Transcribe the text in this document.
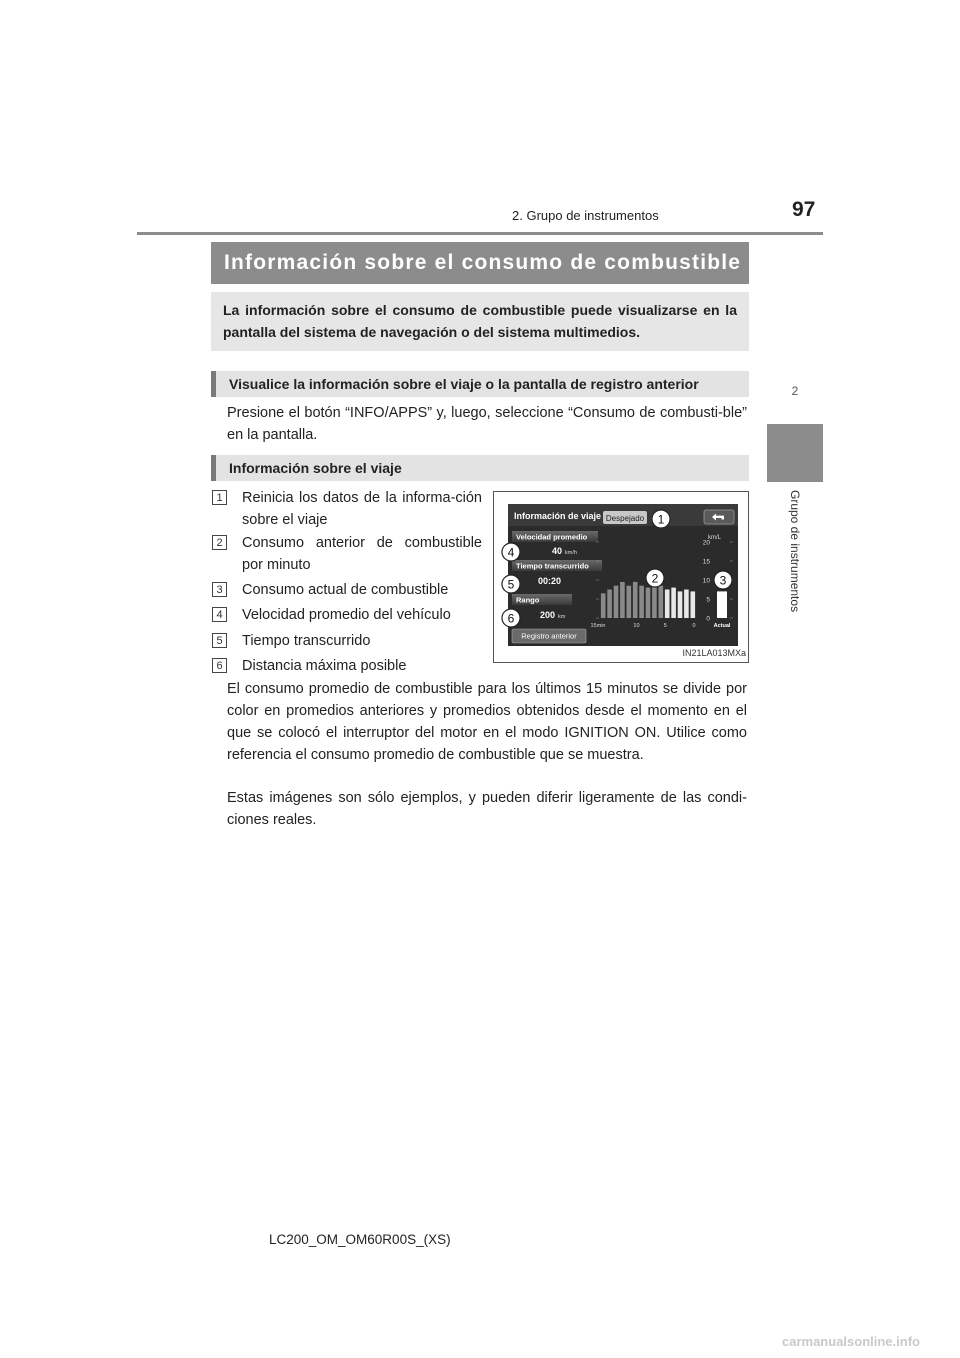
2. Grupo de instrumentos	97
2
Grupo de instrumentos
Información sobre el consumo de combustible
La información sobre el consumo de combustible puede visualizarse en la pantalla del sistema de navegación o del sistema multimedios.
Visualice la información sobre el viaje o la pantalla de registro anterior
Presione el botón “INFO/APPS” y, luego, seleccione “Consumo de combusti-ble” en la pantalla.
Información sobre el viaje
1	Reinicia los datos de la informa-ción sobre el viaje
2	Consumo anterior de combustible por minuto
3	Consumo actual de combustible
4	Velocidad promedio del vehículo
5	Tiempo transcurrido
6	Distancia máxima posible
Información de viaje Despejado
Velocidad promedio
40 km/h
Tiempo transcurrido
00:20
Rango
200 km
Registro anterior
20
15
10
5
0
15min	10	5	0
km/L
Actual
1
4
5	2	3
6
IN21LA013MXa
El consumo promedio de combustible para los últimos 15 minutos se divide por color en promedios anteriores y promedios obtenidos desde el momento en el que se colocó el interruptor del motor en el modo IGNITION ON. Utilice como referencia el consumo promedio de combustible que se muestra.
Estas imágenes son sólo ejemplos, y pueden diferir ligeramente de las condi-ciones reales.
LC200_OM_OM60R00S_(XS)
carmanualsonline.info
